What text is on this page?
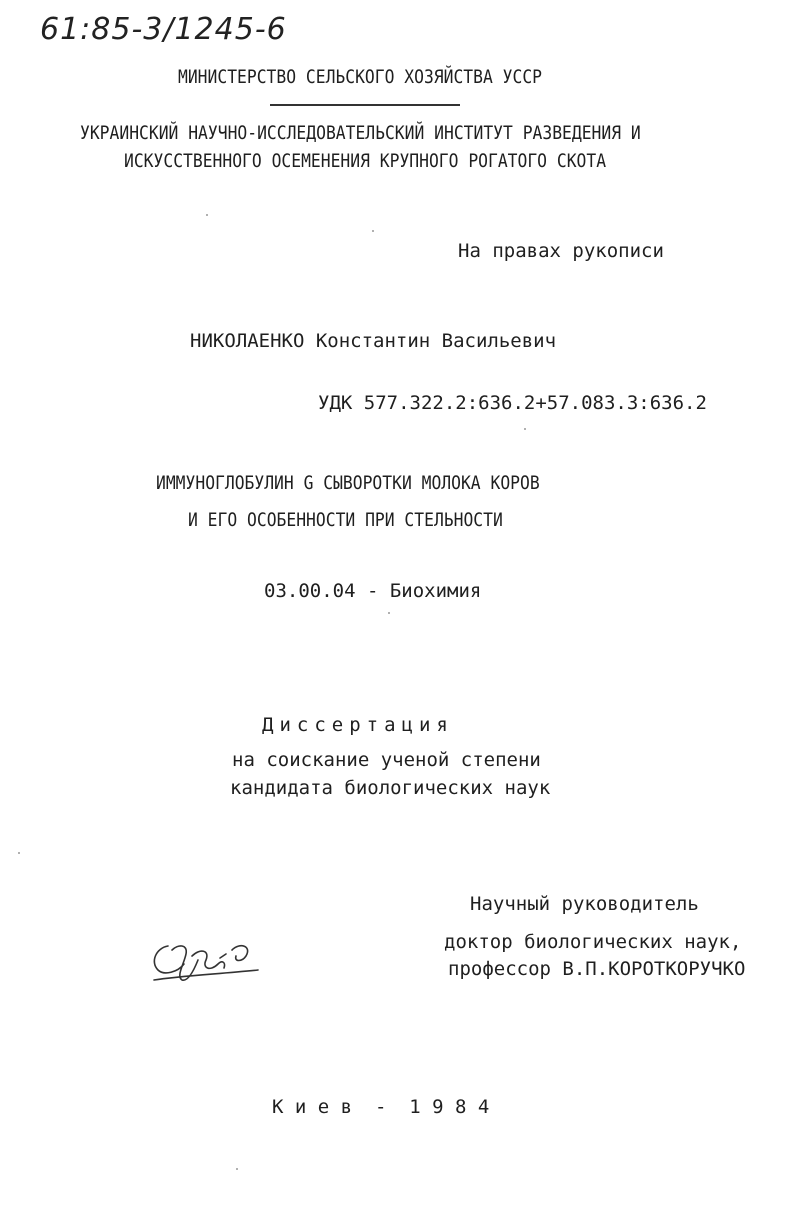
61:85-3/1245-6
МИНИСТЕРСТВО СЕЛЬСКОГО ХОЗЯЙСТВА УССР
УКРАИНСКИЙ НАУЧНО-ИССЛЕДОВАТЕЛЬСКИЙ ИНСТИТУТ РАЗВЕДЕНИЯ И
ИСКУССТВЕННОГО ОСЕМЕНЕНИЯ КРУПНОГО РОГАТОГО СКОТА
На правах рукописи
НИКОЛАЕНКО Константин Васильевич
УДК 577.322.2:636.2+57.083.3:636.2
ИММУНОГЛОБУЛИН G СЫВОРОТКИ МОЛОКА КОРОВ
И ЕГО ОСОБЕННОСТИ ПРИ СТЕЛЬНОСТИ
03.00.04 - Биохимия
Диссертация
на соискание ученой степени
кандидата биологических наук
Научный руководитель
доктор биологических наук,
профессор В.П.КОРОТКОРУЧКО
К и е в  -  1 9 8 4
